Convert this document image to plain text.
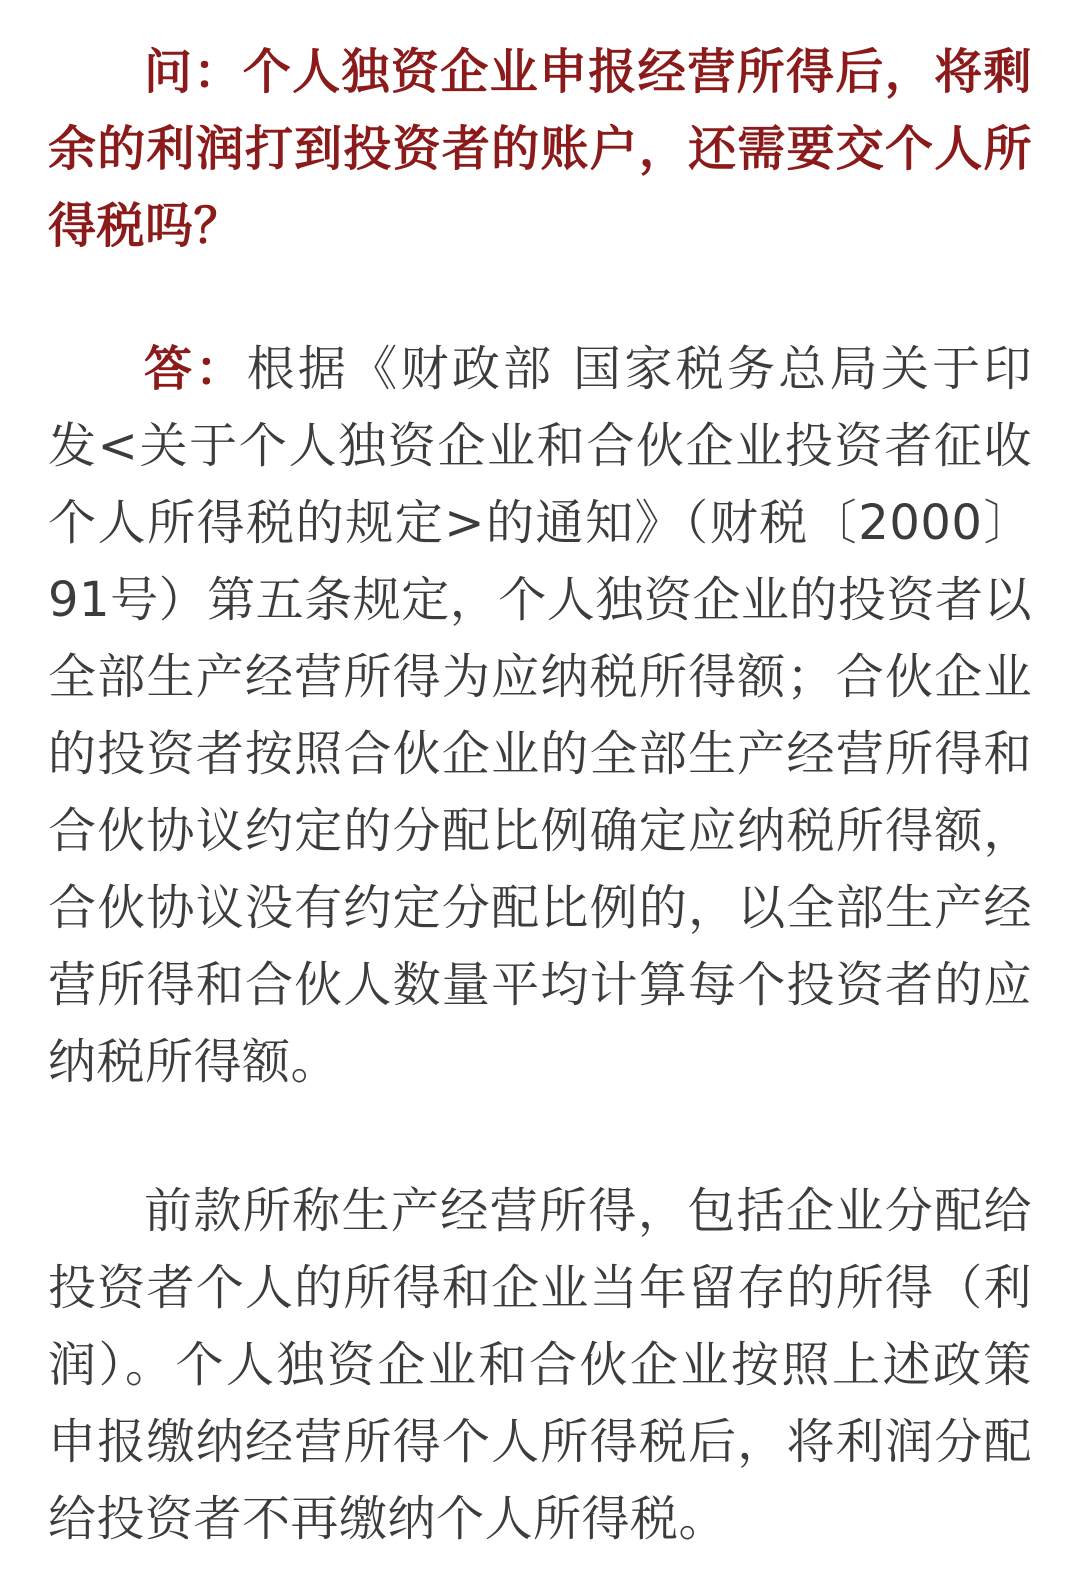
问：个人独资企业申报经营所得后，将剩余的利润打到投资者的账户，还需要交个人所得税吗？

答：根据《财政部 国家税务总局关于印发<关于个人独资企业和合伙企业投资者征收个人所得税的规定>的通知》（财税〔2000〕91号）第五条规定，个人独资企业的投资者以全部生产经营所得为应纳税所得额；合伙企业的投资者按照合伙企业的全部生产经营所得和合伙协议约定的分配比例确定应纳税所得额，合伙协议没有约定分配比例的，以全部生产经营所得和合伙人数量平均计算每个投资者的应纳税所得额。

前款所称生产经营所得，包括企业分配给投资者个人的所得和企业当年留存的所得（利润）。个人独资企业和合伙企业按照上述政策申报缴纳经营所得个人所得税后，将利润分配给投资者不再缴纳个人所得税。
